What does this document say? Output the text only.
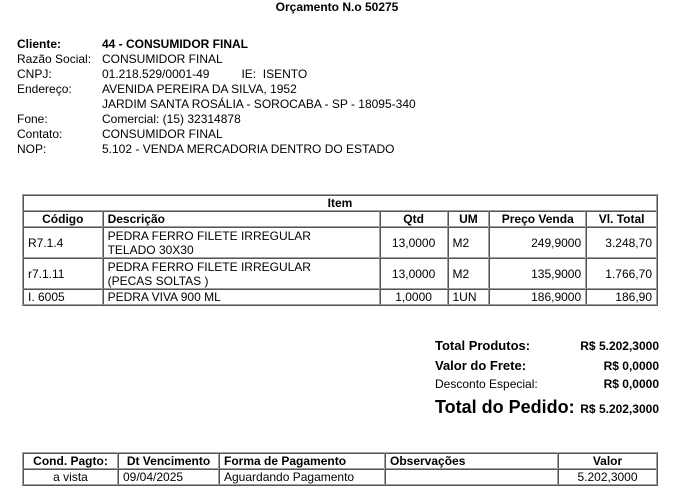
Orçamento N.o 50275
Cliente:	44 - CONSUMIDOR FINAL
Razão Social: CONSUMIDOR FINAL
CNPJ:	01.218.529/0001-49	IE:
ISENTO
Endereço:	AVENIDA PEREIRA DA SILVA, 1952
JARDIM SANTA ROSÁLIA - SOROCABA - SP - 18095-340
Fone:	Comercial: (15) 32314878
Contato:	CONSUMIDOR FINAL
NOP:	5.102 - VENDA MERCADORIA DENTRO DO ESTADO
Item					
Código	Descrição	Qtd	UM	Preço Venda	Vl. Total
R7.1.4	PEDRA FERRO FILETE IRREGULAR
TELADO 30X30	13,0000	M2	249,9000	3.248,70
r7.1.11	PEDRA FERRO FILETE IRREGULAR
(PECAS SOLTAS )	13,0000	M2	135,9000	1.766,70
I. 6005	PEDRA VIVA 900 ML	1,0000	1UN	186,9000	186,90
Total Produtos:	R$ 5.202,3000
Valor do Frete:	R$ 0,0000
Desconto Especial:	R$ 0,0000
Total do Pedido: R$ 5.202,3000
Cond. Pagto:	Dt Vencimento	Forma de Pagamento	Observações	Valor
a vista	09/04/2025	Aguardando Pagamento		5.202,3000
